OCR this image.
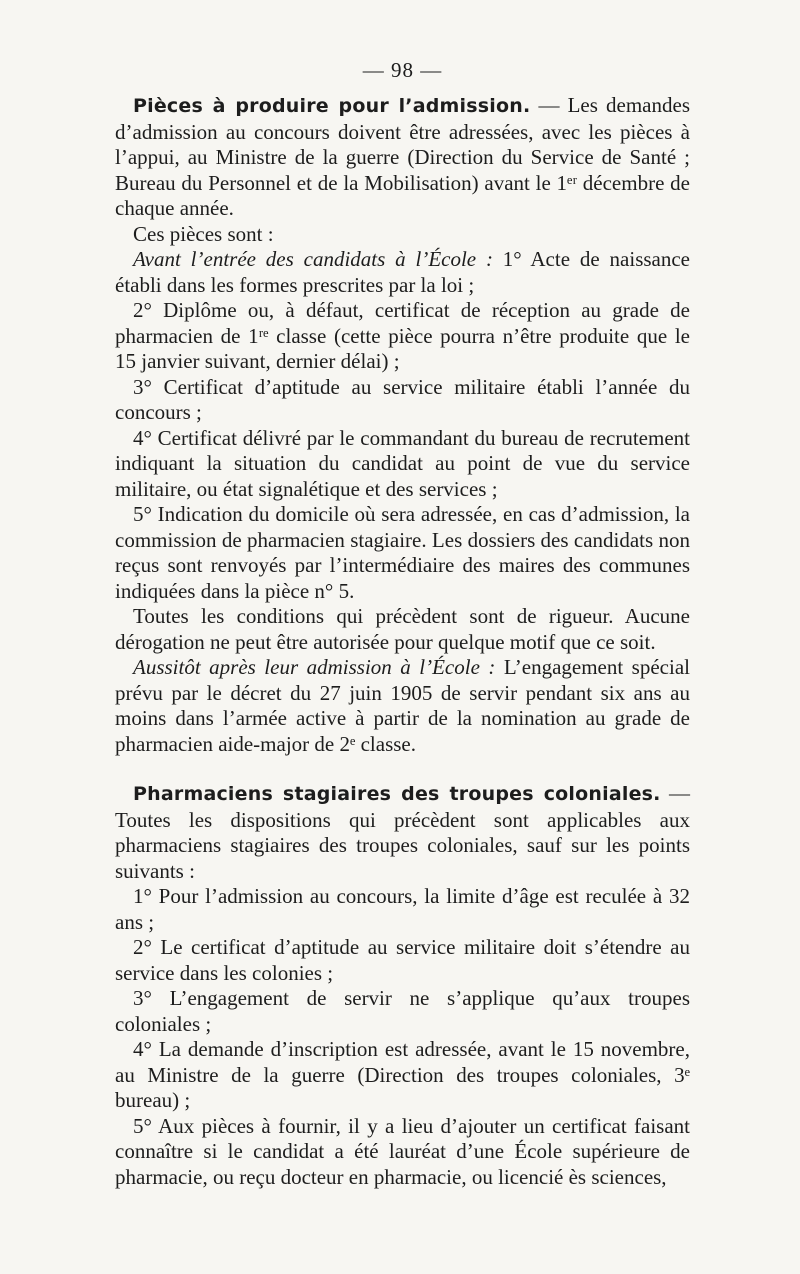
— 98 —

Pièces à produire pour l’admission. — Les demandes d’admission au concours doivent être adressées, avec les pièces à l’appui, au Ministre de la guerre (Direction du Service de Santé ; Bureau du Personnel et de la Mobilisation) avant le 1ᵉʳ décembre de chaque année.

Ces pièces sont :

Avant l’entrée des candidats à l’École : 1° Acte de naissance établi dans les formes prescrites par la loi ;

2° Diplôme ou, à défaut, certificat de réception au grade de pharmacien de 1ʳᵉ classe (cette pièce pourra n’être produite que le 15 janvier suivant, dernier délai) ;

3° Certificat d’aptitude au service militaire établi l’année du concours ;

4° Certificat délivré par le commandant du bureau de recrutement indiquant la situation du candidat au point de vue du service militaire, ou état signalétique et des services ;

5° Indication du domicile où sera adressée, en cas d’admission, la commission de pharmacien stagiaire. Les dossiers des candidats non reçus sont renvoyés par l’intermédiaire des maires des communes indiquées dans la pièce n° 5.

Toutes les conditions qui précèdent sont de rigueur. Aucune dérogation ne peut être autorisée pour quelque motif que ce soit.

Aussitôt après leur admission à l’École : L’engagement spécial prévu par le décret du 27 juin 1905 de servir pendant six ans au moins dans l’armée active à partir de la nomination au grade de pharmacien aide-major de 2ᵉ classe.

Pharmaciens stagiaires des troupes coloniales. — Toutes les dispositions qui précèdent sont applicables aux pharmaciens stagiaires des troupes coloniales, sauf sur les points suivants :

1° Pour l’admission au concours, la limite d’âge est reculée à 32 ans ;

2° Le certificat d’aptitude au service militaire doit s’étendre au service dans les colonies ;

3° L’engagement de servir ne s’applique qu’aux troupes coloniales ;

4° La demande d’inscription est adressée, avant le 15 novembre, au Ministre de la guerre (Direction des troupes coloniales, 3ᵉ bureau) ;

5° Aux pièces à fournir, il y a lieu d’ajouter un certificat faisant connaître si le candidat a été lauréat d’une École supérieure de pharmacie, ou reçu docteur en pharmacie, ou licencié ès sciences,
